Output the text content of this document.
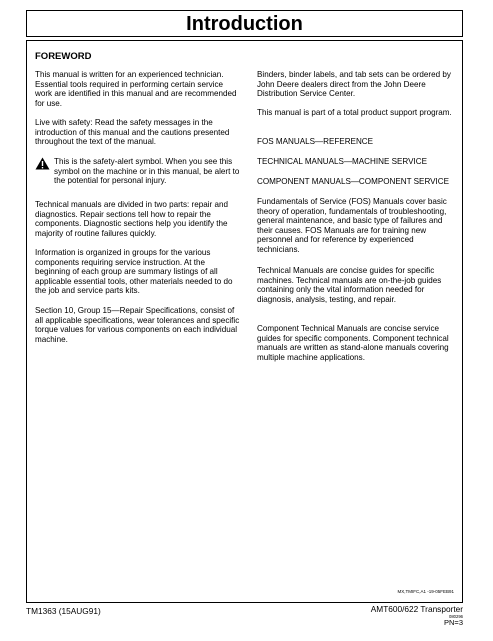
Introduction
FOREWORD

This manual is written for an experienced technician. Essential tools required in performing certain service work are identified in this manual and are recommended for use.

Live with safety: Read the safety messages in the introduction of this manual and the cautions presented throughout the text of the manual.

This is the safety-alert symbol. When you see this symbol on the machine or in this manual, be alert to the potential for personal injury.

Technical manuals are divided in two parts: repair and diagnostics. Repair sections tell how to repair the components. Diagnostic sections help you identify the majority of routine failures quickly.

Information is organized in groups for the various components requiring service instruction. At the beginning of each group are summary listings of all applicable essential tools, other materials needed to do the job and service parts kits.

Section 10, Group 15—Repair Specifications, consist of all applicable specifications, wear tolerances and specific torque values for various components on each individual machine.

Binders, binder labels, and tab sets can be ordered by John Deere dealers direct from the John Deere Distribution Service Center.

This manual is part of a total product support program.

FOS MANUALS—REFERENCE

TECHNICAL MANUALS—MACHINE SERVICE

COMPONENT MANUALS—COMPONENT SERVICE

Fundamentals of Service (FOS) Manuals cover basic theory of operation, fundamentals of troubleshooting, general maintenance, and basic type of failures and their causes. FOS Manuals are for training new personnel and for reference by experienced technicians.

Technical Manuals are concise guides for specific machines. Technical manuals are on-the-job guides containing only the vital information needed for diagnosis, analysis, testing, and repair.

Component Technical Manuals are concise service guides for specific components. Component technical manuals are written as stand-alone manuals covering multiple machine applications.

MX,TMIFC,A1 -19-05FEB91
TM1363 (15AUG91)	AMT600/622 Transporter
080296
PN=3
